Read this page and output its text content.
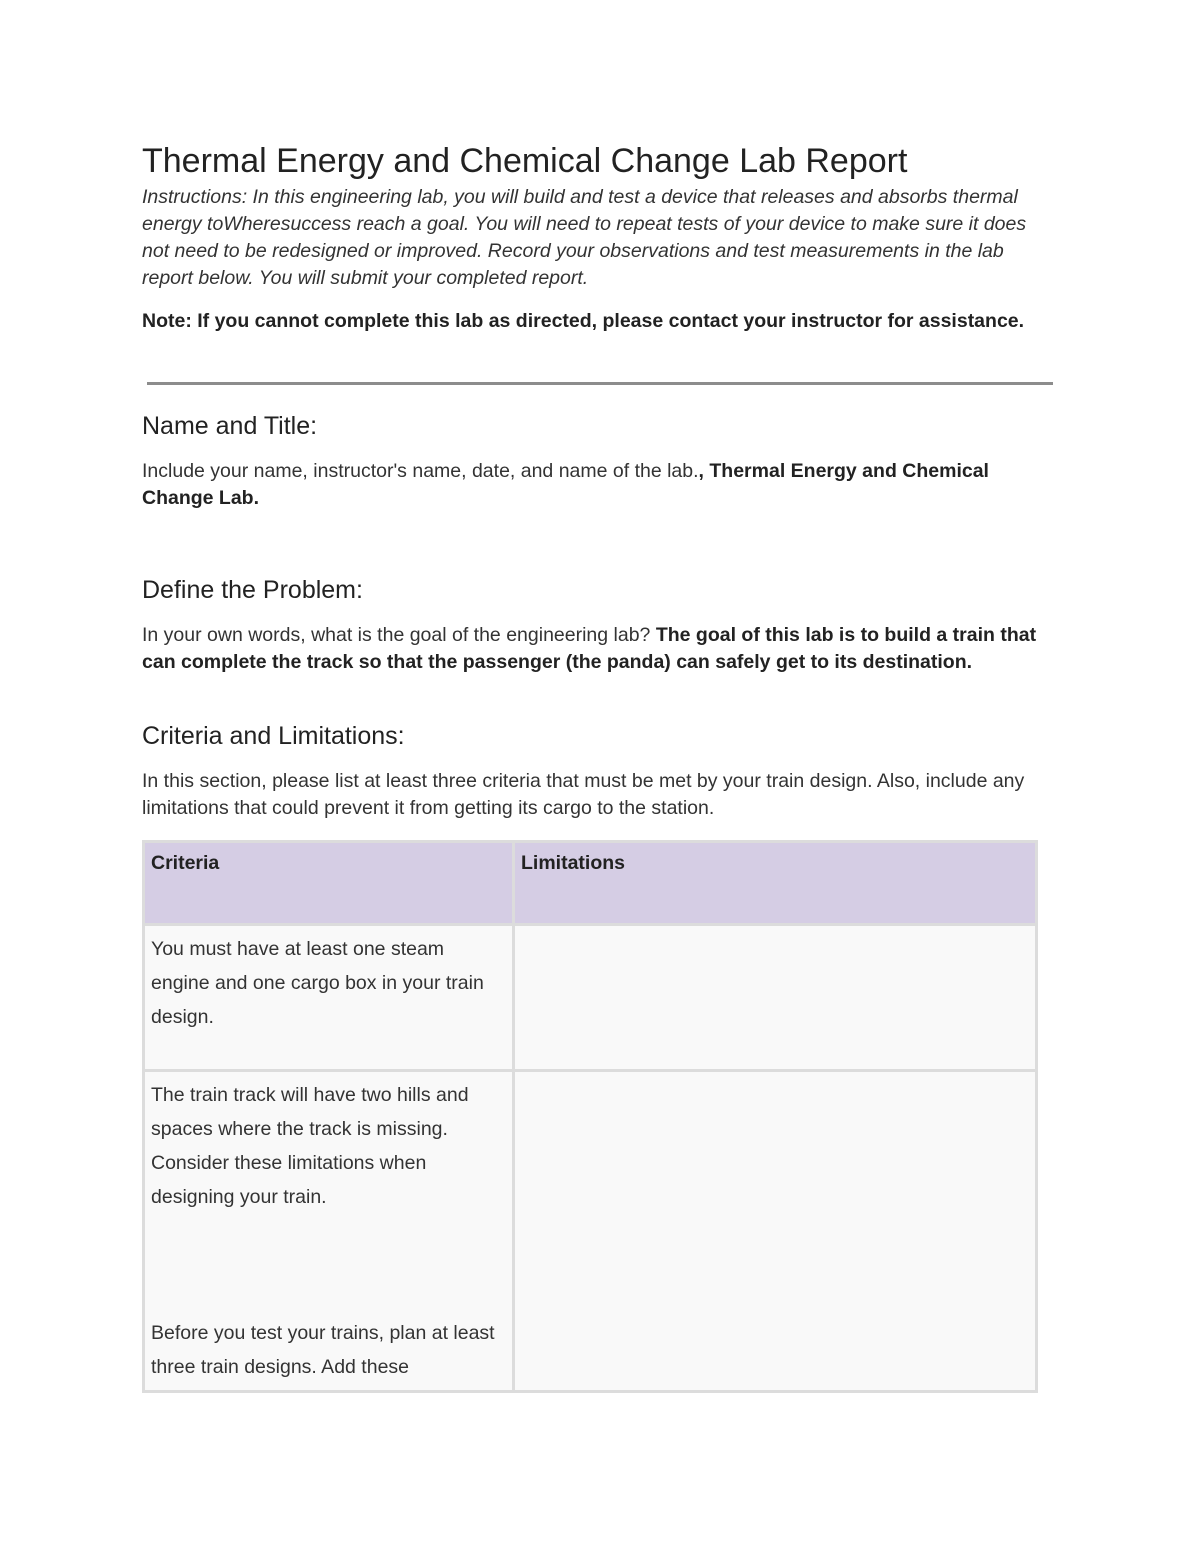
Thermal Energy and Chemical Change Lab Report

Instructions: In this engineering lab, you will build and test a device that releases and absorbs thermal energy toWheresuccess reach a goal. You will need to repeat tests of your device to make sure it does not need to be redesigned or improved. Record your observations and test measurements in the lab report below. You will submit your completed report.

Note: If you cannot complete this lab as directed, please contact your instructor for assistance.

Name and Title:

Include your name, instructor's name, date, and name of the lab., Thermal Energy and Chemical Change Lab.

Define the Problem:

In your own words, what is the goal of the engineering lab? The goal of this lab is to build a train that can complete the track so that the passenger (the panda) can safely get to its destination.

Criteria and Limitations:

In this section, please list at least three criteria that must be met by your train design. Also, include any limitations that could prevent it from getting its cargo to the station.

Criteria	Limitations
You must have at least one steam engine and one cargo box in your train design.	

The train track will have two hills and spaces where the track is missing. Consider these limitations when designing your train.
Before you test your trains, plan at least three train designs. Add these	
